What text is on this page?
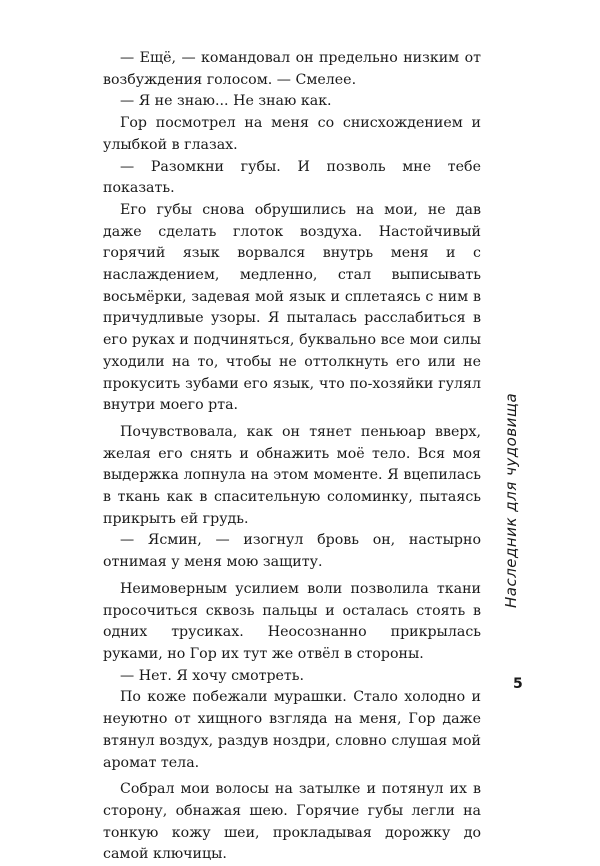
— Ещё, — командовал он предельно низким от возбуждения голосом. — Смелее.

— Я не знаю... Не знаю как.

Гор посмотрел на меня со снисхождением и улыбкой в глазах.

— Разомкни губы. И позволь мне тебе показать.

Его губы снова обрушились на мои, не дав даже сделать глоток воздуха. Настойчивый горячий язык ворвался внутрь меня и с наслаждением, медленно, стал выписывать восьмёрки, задевая мой язык и сплетаясь с ним в причудливые узоры. Я пыталась расслабиться в его руках и подчиняться, буквально все мои силы уходили на то, чтобы не оттолкнуть его или не прокусить зубами его язык, что по-хозяйки гулял внутри моего рта.

Почувствовала, как он тянет пеньюар вверх, желая его снять и обнажить моё тело. Вся моя выдержка лопнула на этом моменте. Я вцепилась в ткань как в спасительную соломинку, пытаясь прикрыть ей грудь.

— Ясмин, — изогнул бровь он, настырно отнимая у меня мою защиту.

Неимоверным усилием воли позволила ткани просочиться сквозь пальцы и осталась стоять в одних трусиках. Неосознанно прикрылась руками, но Гор их тут же отвёл в стороны.

— Нет. Я хочу смотреть.

По коже побежали мурашки. Стало холодно и неуютно от хищного взгляда на меня, Гор даже втянул воздух, раздув ноздри, словно слушая мой аромат тела.

Собрал мои волосы на затылке и потянул их в сторону, обнажая шею. Горячие губы легли на тонкую кожу шеи, прокладывая дорожку до самой ключицы.

Наследник для чудовища
5
